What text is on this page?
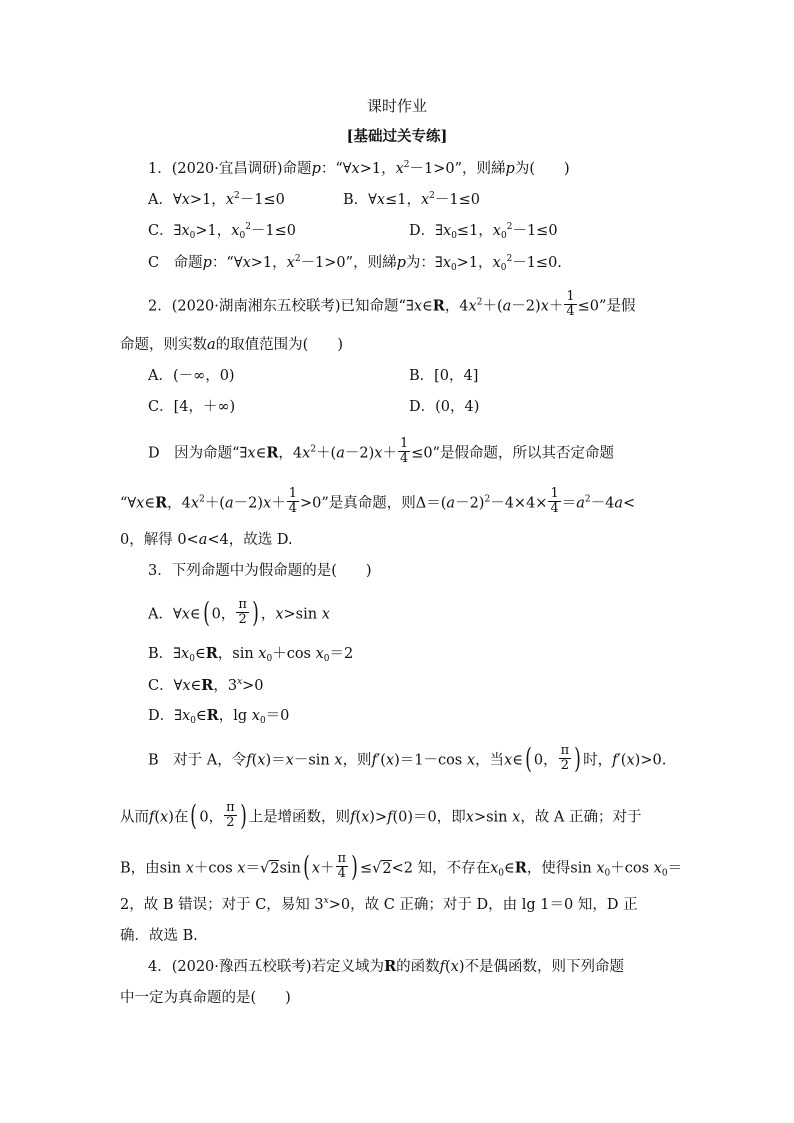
课时作业
[基础过关专练]
1．(2020·宜昌调研)命题p：“∀x>1，$x^2-1>0$”，则綈p为(　　)
A．∀x>1，$x^2-1\le 0$	B．∀x≤1，$x^2-1\le 0$
C．$\exists x_0>1$，$x_0^2-1\le 0$	D．$\exists x_0\le 1$，$x_0^2-1\le 0$
C　命题p：“∀x>1，$x^2-1>0$”，则綈p为：$\exists x_0>1$，$x_0^2-1\le 0$.
2．(2020·湖南湘东五校联考)已知命题“∃x∈R，$4x^2+(a-2)x+ \frac{1}{4} \le 0$”是假
命题，则实数a的取值范围为(　　)
A．(－∞，0)	B．[0，4]
C．[4，＋∞)	D．(0，4)
D　因为命题“∃x∈R，$4x^2+(a-2)x+ \frac{1}{4} \le 0$”是假命题，所以其否定命题
“∀x∈R，$4x^2+(a-2)x+ \frac{1}{4} >0$”是真命题，则$\Delta=(a-2)^2-4\times 4\times \frac{1}{4} =a^2-4a<$
0，解得 0<a<4，故选 D.
3．下列命题中为假命题的是(　　)
A．∀x∈( 0， $\frac{\pi}{2}$ ) ，x>sin x
B．$\exists x_0\in R$，$\sin x_0+\cos$ $x_0=2$
C．∀x∈R，$3^x>0$
D．$\exists x_0\in R$，$\lg x_0=0$
B　对于 A，令f(x)＝x－sin x，则f′(x)＝1－cos x，当x∈( 0， $\frac{\pi}{2}$ ) 时，f′(x)>0.
从而f(x)在( 0， $\frac{\pi}{2}$ ) 上是增函数，则f(x)>f(0)＝0，即x>sin x，故 A 正确；对于
B，由sin x＋cos x＝√2sin( $x+ \frac{\pi}{4}$ ) ≤√2<2 知，不存在$x_0\in R$，使得$\sin x_0+\cos$ $x_0=$
2，故 B 错误；对于 C，易知 $3^x>0$，故 C 正确；对于 D，由 lg 1＝0 知，D 正
确．故选 B.
4．(2020·豫西五校联考)若定义域为R的函数f(x)不是偶函数，则下列命题
中一定为真命题的是(　　)
